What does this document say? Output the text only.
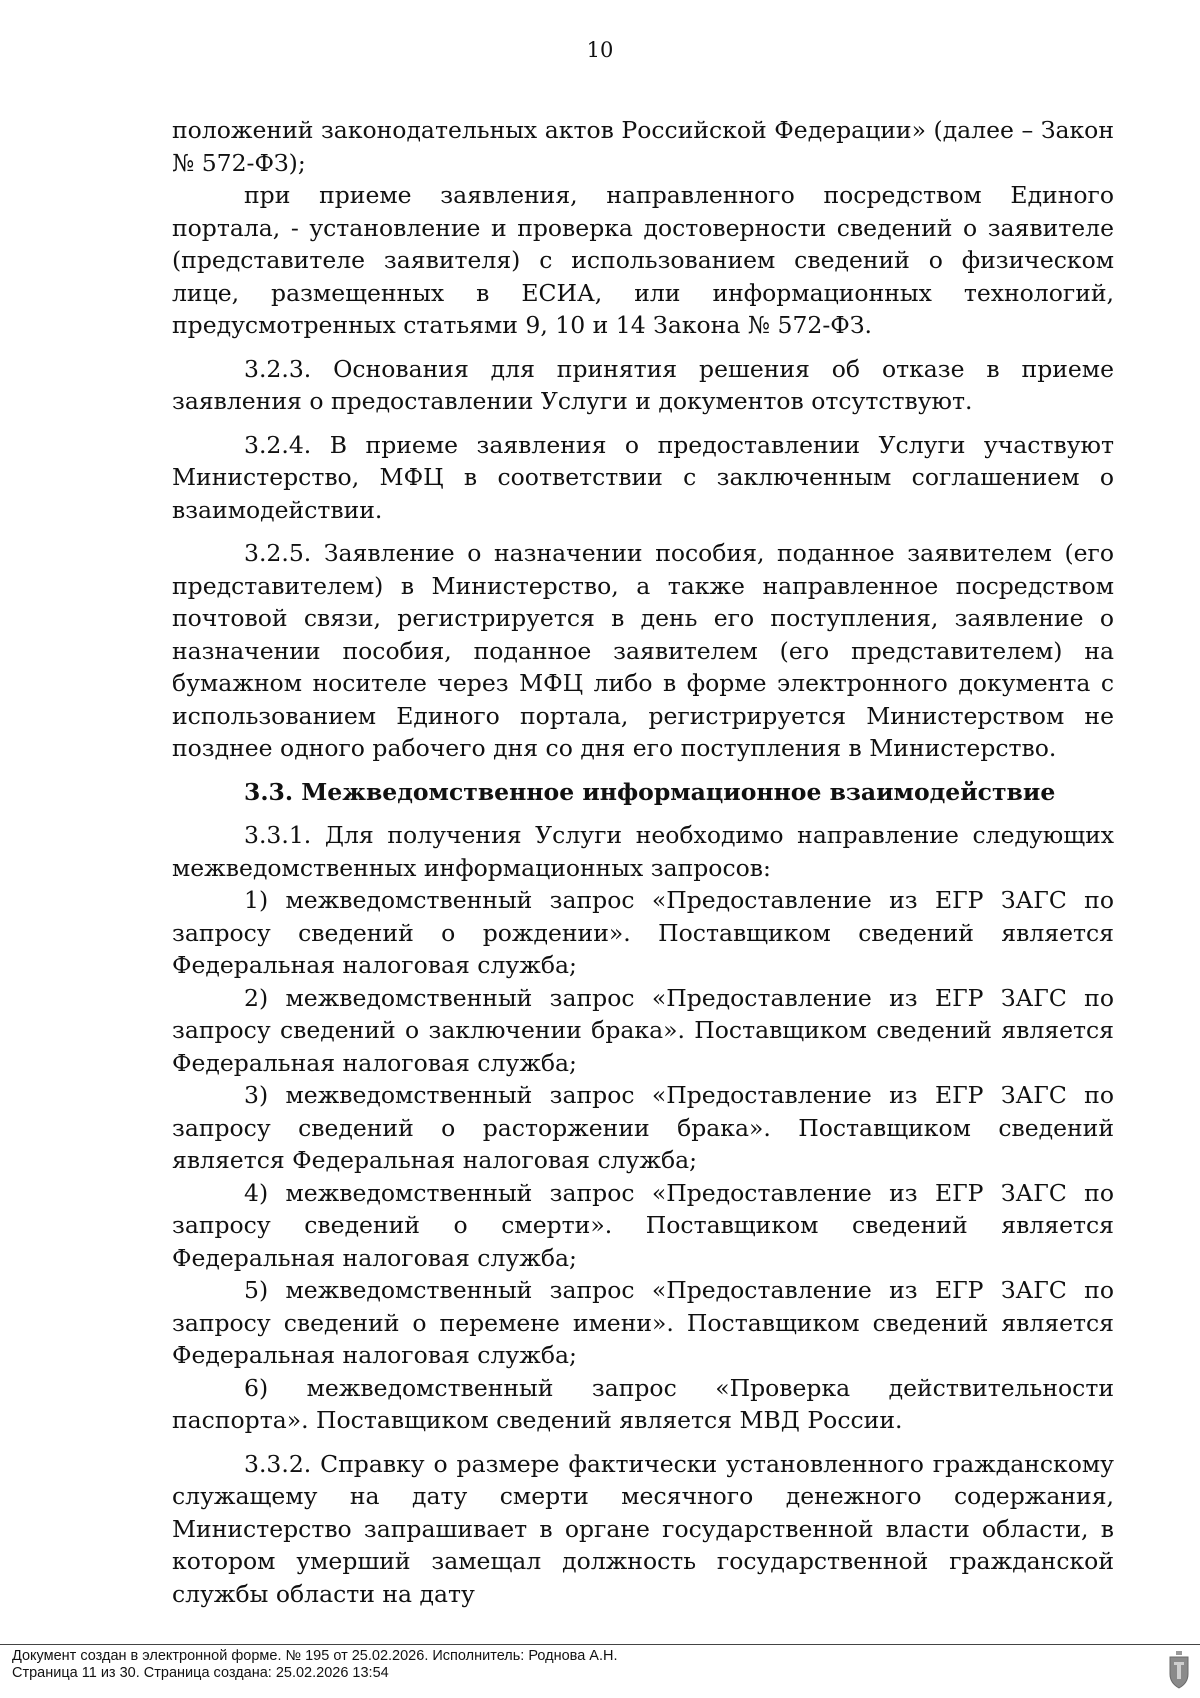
10

положений законодательных актов Российской Федерации» (далее – Закон № 572-ФЗ);

при приеме заявления, направленного посредством Единого портала, - установление и проверка достоверности сведений о заявителе (представителе заявителя) с использованием сведений о физическом лице, размещенных в ЕСИА, или информационных технологий, предусмотренных статьями 9, 10 и 14 Закона № 572-ФЗ.

3.2.3. Основания для принятия решения об отказе в приеме заявления о предоставлении Услуги и документов отсутствуют.

3.2.4. В приеме заявления о предоставлении Услуги участвуют Министерство, МФЦ в соответствии с заключенным соглашением о взаимодействии.

3.2.5. Заявление о назначении пособия, поданное заявителем (его представителем) в Министерство, а также направленное посредством почтовой связи, регистрируется в день его поступления, заявление о назначении пособия, поданное заявителем (его представителем) на бумажном носителе через МФЦ либо в форме электронного документа с использованием Единого портала, регистрируется Министерством не позднее одного рабочего дня со дня его поступления в Министерство.

3.3. Межведомственное информационное взаимодействие

3.3.1. Для получения Услуги необходимо направление следующих межведомственных информационных запросов:

1) межведомственный запрос «Предоставление из ЕГР ЗАГС по запросу сведений о рождении». Поставщиком сведений является Федеральная налоговая служба;

2) межведомственный запрос «Предоставление из ЕГР ЗАГС по запросу сведений о заключении брака». Поставщиком сведений является Федеральная налоговая служба;

3) межведомственный запрос «Предоставление из ЕГР ЗАГС по запросу сведений о расторжении брака». Поставщиком сведений является Федеральная налоговая служба;

4) межведомственный запрос «Предоставление из ЕГР ЗАГС по запросу сведений о смерти». Поставщиком сведений является Федеральная налоговая служба;

5) межведомственный запрос «Предоставление из ЕГР ЗАГС по запросу сведений о перемене имени». Поставщиком сведений является Федеральная налоговая служба;

6) межведомственный запрос «Проверка действительности паспорта». Поставщиком сведений является МВД России.

3.3.2. Справку о размере фактически установленного гражданскому служащему на дату смерти месячного денежного содержания, Министерство запрашивает в органе государственной власти области, в котором умерший замещал должность государственной гражданской службы области на дату

Документ создан в электронной форме. № 195 от 25.02.2026. Исполнитель: Роднова А.Н.
Страница 11 из 30. Страница создана: 25.02.2026 13:54
